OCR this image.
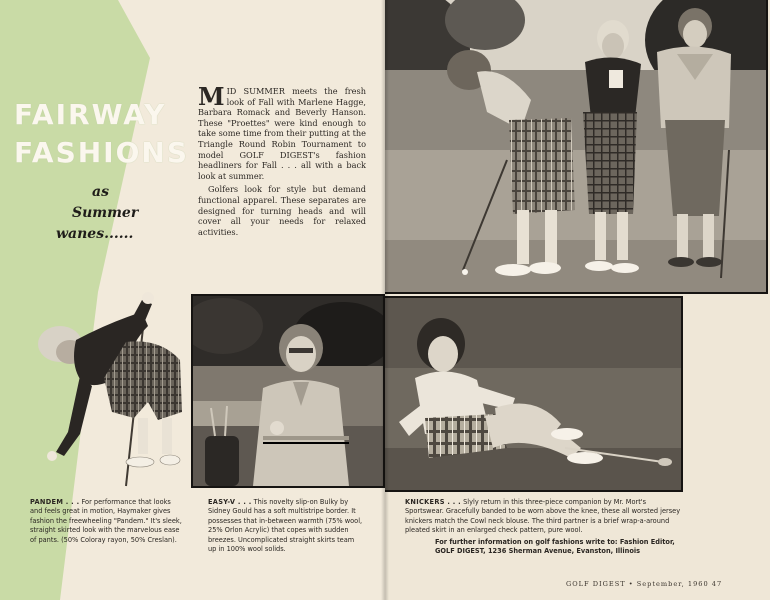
FAIRWAY
FASHIONS
as
Summer
wanes......

MID SUMMER meets the fresh look of Fall with Marlene Hagge, Barbara Romack and Beverly Hanson. These "Proettes" were kind enough to take some time from their putting at the Triangle Round Robin Tournament to model GOLF DIGEST's fashion headliners for Fall . . . all with a back look at summer.

Golfers look for style but demand functional apparel. These separates are designed for turning heads and will cover all your needs for relaxed activities.

PANDEM . . . For performance that looks and feels great in motion, Haymaker gives fashion the freewheeling "Pandem." It's sleek, straight skirted look with the marvelous ease of pants. (50% Coloray rayon, 50% Creslan).
EASY-V . . . This novelty slip-on Bulky by Sidney Gould has a soft multistripe border. It possesses that in-between warmth (75% wool, 25% Orlon Acrylic) that copes with sudden breezes. Uncomplicated straight skirts team up in 100% wool solids.
KNICKERS . . . Slyly return in this three-piece companion by Mr. Mort's Sportswear. Gracefully banded to be worn above the knee, these all worsted jersey knickers match the Cowl neck blouse. The third partner is a brief wrap-a-around pleated skirt in an enlarged check pattern, pure wool.
For further information on golf fashions write to: Fashion Editor, GOLF DIGEST, 1236 Sherman Avenue, Evanston, Illinois
GOLF DIGEST • September, 1960 47
